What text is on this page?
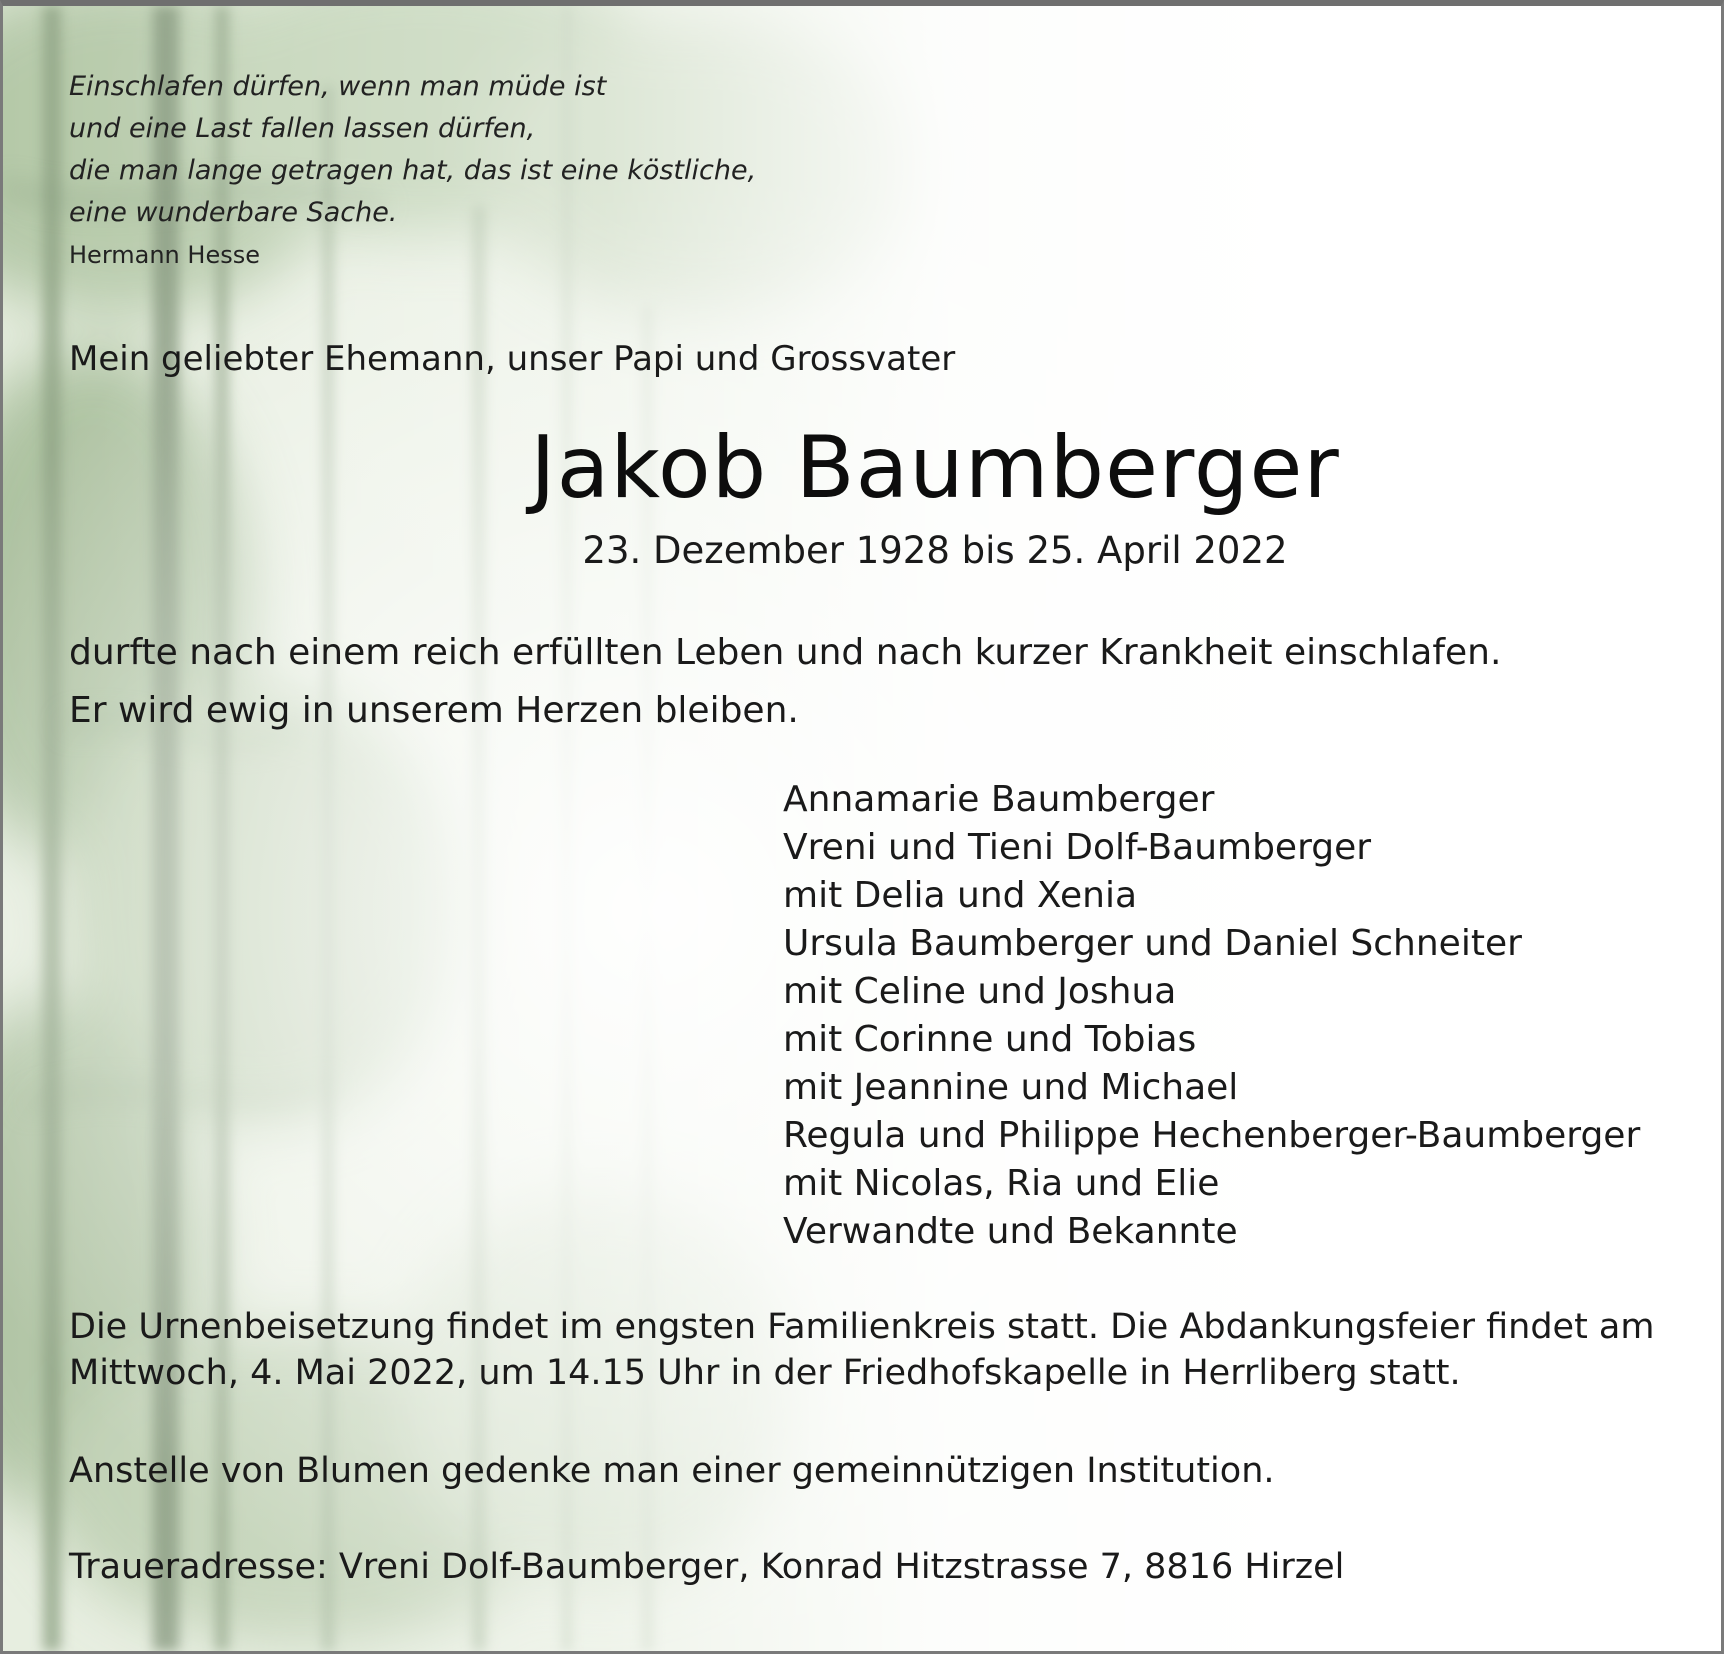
Einschlafen dürfen, wenn man müde ist
und eine Last fallen lassen dürfen,
die man lange getragen hat, das ist eine köstliche,
eine wunderbare Sache.
Hermann Hesse
Mein geliebter Ehemann, unser Papi und Grossvater
Jakob Baumberger
23. Dezember 1928 bis 25. April 2022
durfte nach einem reich erfüllten Leben und nach kurzer Krankheit einschlafen.
Er wird ewig in unserem Herzen bleiben.
Annamarie Baumberger
Vreni und Tieni Dolf-Baumberger
mit Delia und Xenia
Ursula Baumberger und Daniel Schneiter
mit Celine und Joshua
mit Corinne und Tobias
mit Jeannine und Michael
Regula und Philippe Hechenberger-Baumberger
mit Nicolas, Ria und Elie
Verwandte und Bekannte
Die Urnenbeisetzung findet im engsten Familienkreis statt. Die Abdankungsfeier findet am
Mittwoch, 4. Mai 2022, um 14.15 Uhr in der Friedhofskapelle in Herrliberg statt.
Anstelle von Blumen gedenke man einer gemeinnützigen Institution.
Traueradresse: Vreni Dolf-Baumberger, Konrad Hitzstrasse 7, 8816 Hirzel
